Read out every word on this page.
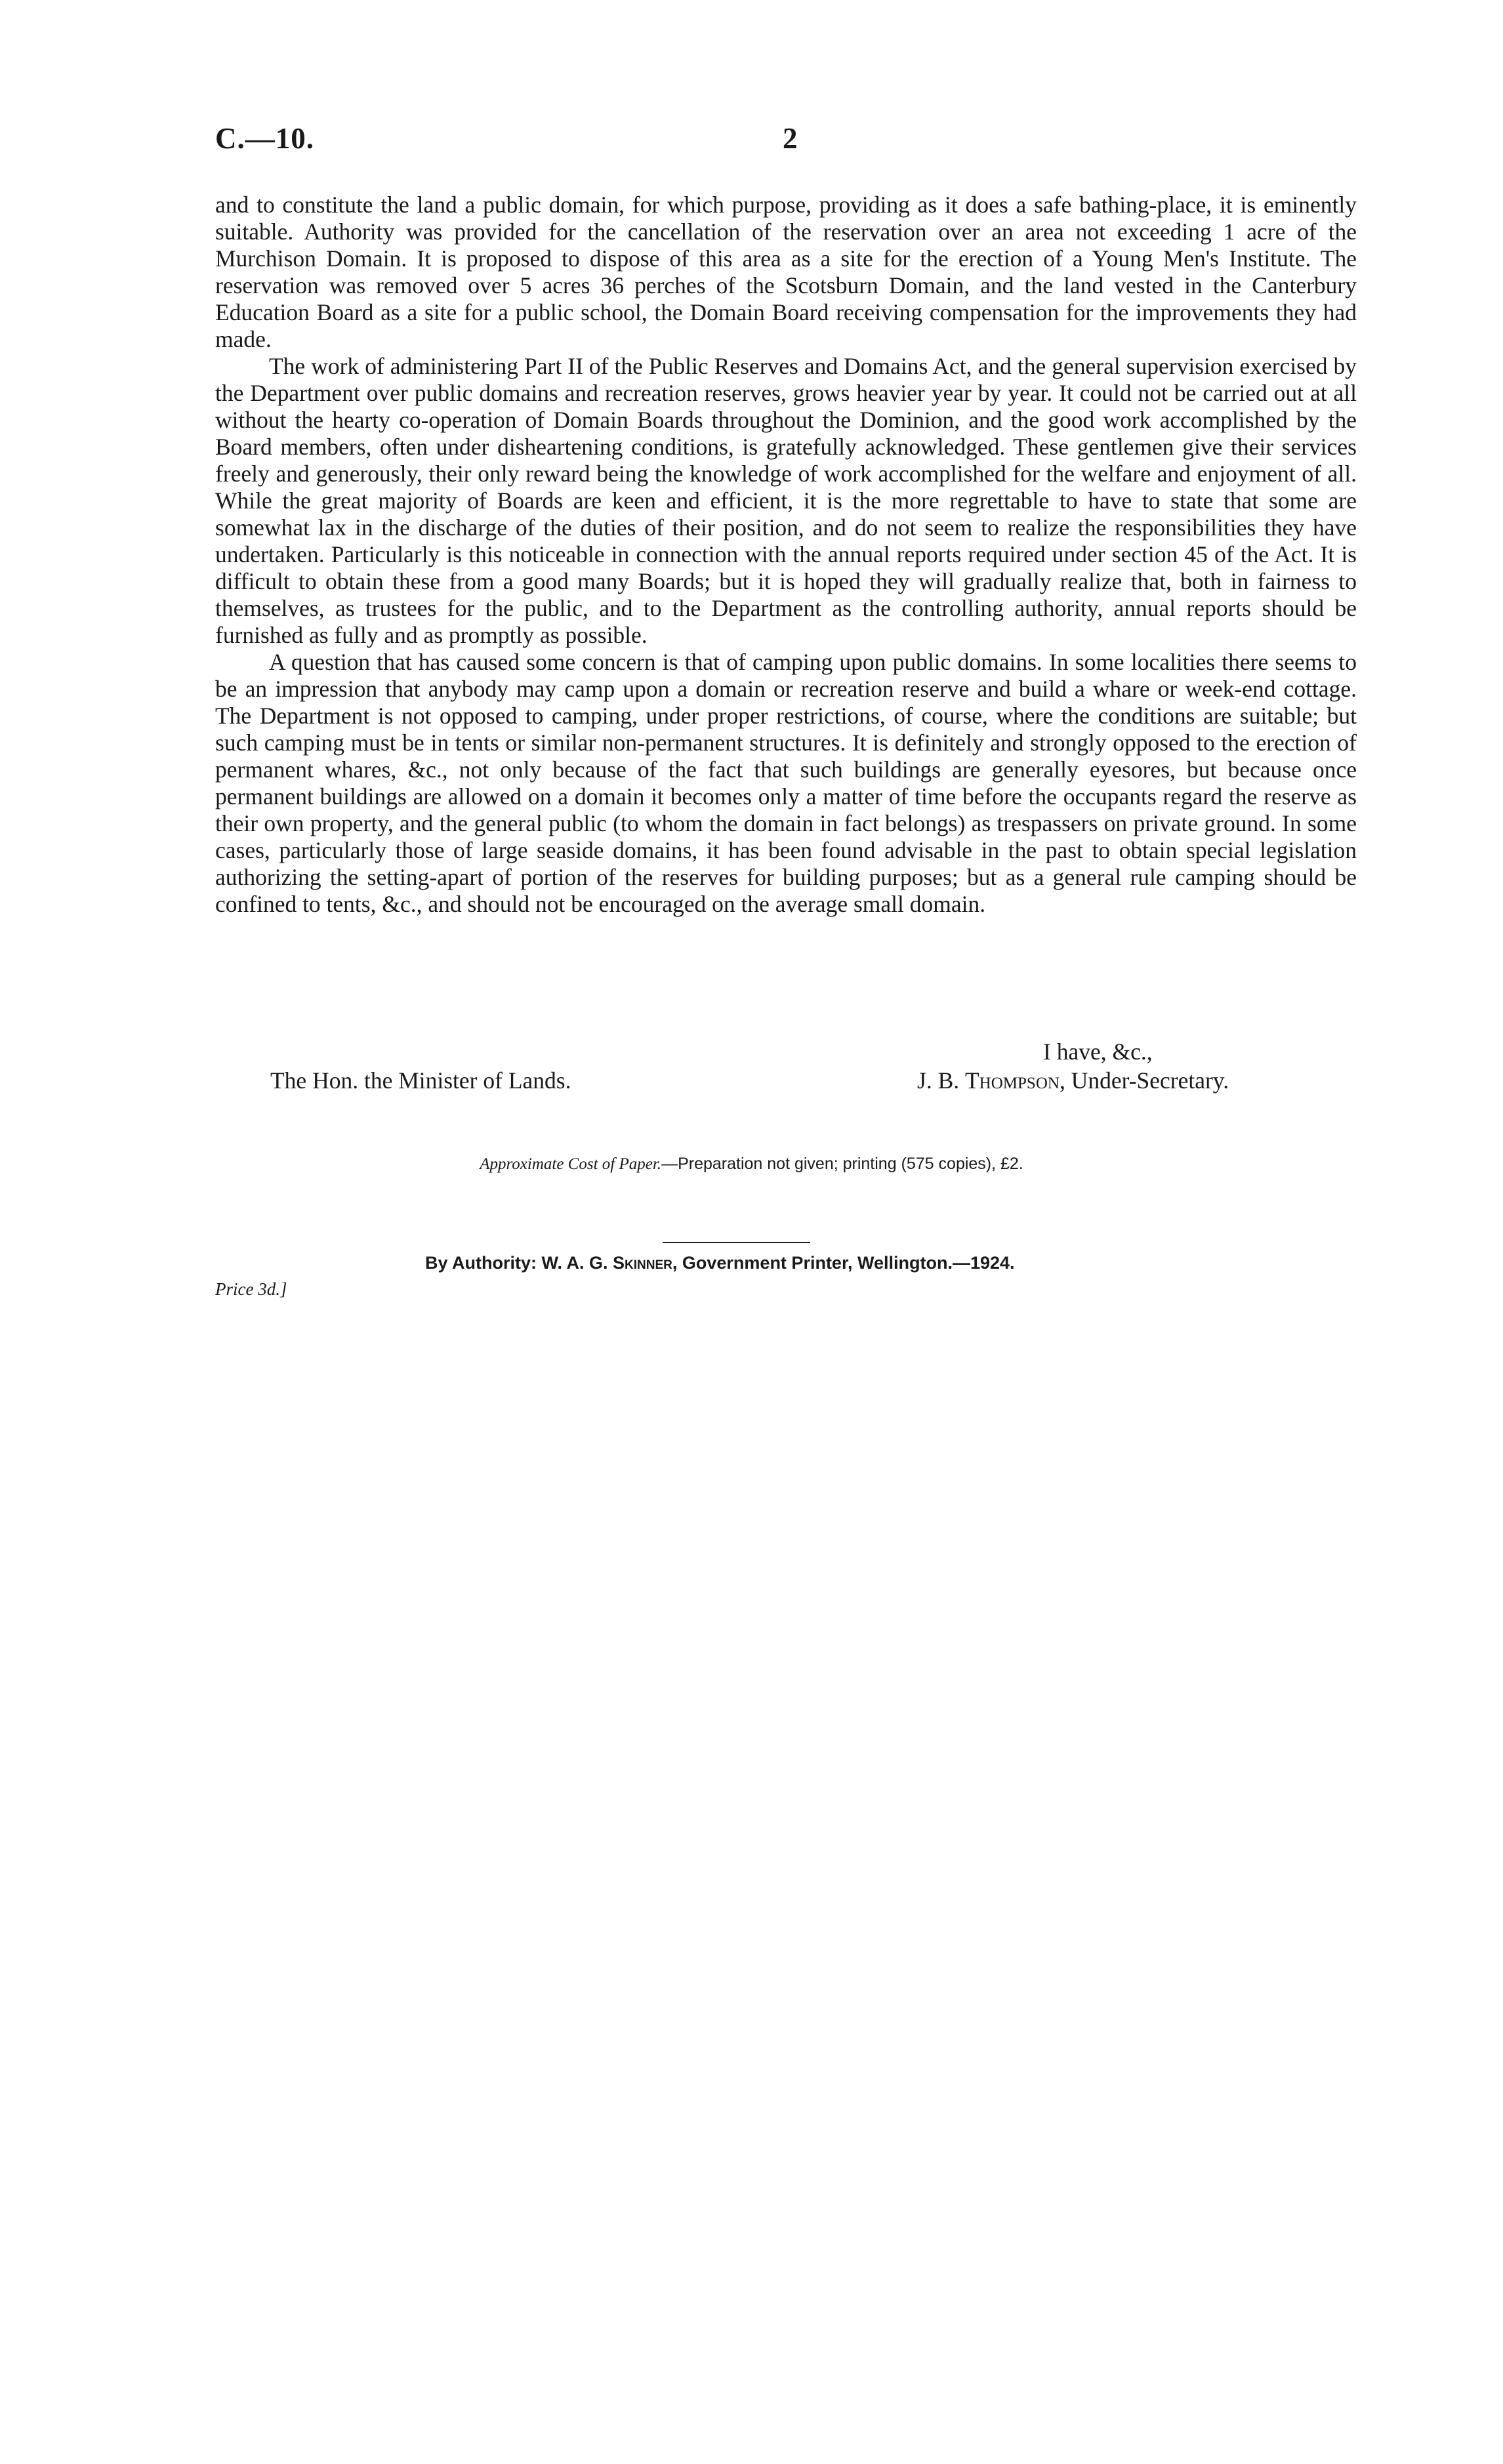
C.—10.	2

and to constitute the land a public domain, for which purpose, providing as it does a safe bathing-place, it is eminently suitable. Authority was provided for the cancellation of the reservation over an area not exceeding 1 acre of the Murchison Domain. It is proposed to dispose of this area as a site for the erection of a Young Men's Institute. The reservation was removed over 5 acres 36 perches of the Scotsburn Domain, and the land vested in the Canterbury Education Board as a site for a public school, the Domain Board receiving compensation for the improvements they had made.

The work of administering Part II of the Public Reserves and Domains Act, and the general supervision exercised by the Department over public domains and recreation reserves, grows heavier year by year. It could not be carried out at all without the hearty co-operation of Domain Boards throughout the Dominion, and the good work accomplished by the Board members, often under disheartening conditions, is gratefully acknowledged. These gentlemen give their services freely and generously, their only reward being the knowledge of work accomplished for the welfare and enjoyment of all. While the great majority of Boards are keen and efficient, it is the more regrettable to have to state that some are somewhat lax in the discharge of the duties of their position, and do not seem to realize the responsibilities they have undertaken. Particularly is this noticeable in connection with the annual reports required under section 45 of the Act. It is difficult to obtain these from a good many Boards; but it is hoped they will gradually realize that, both in fairness to themselves, as trustees for the public, and to the Department as the controlling authority, annual reports should be furnished as fully and as promptly as possible.

A question that has caused some concern is that of camping upon public domains. In some localities there seems to be an impression that anybody may camp upon a domain or recreation reserve and build a whare or week-end cottage. The Department is not opposed to camping, under proper restrictions, of course, where the conditions are suitable; but such camping must be in tents or similar non-permanent structures. It is definitely and strongly opposed to the erection of permanent whares, &c., not only because of the fact that such buildings are generally eyesores, but because once permanent buildings are allowed on a domain it becomes only a matter of time before the occupants regard the reserve as their own property, and the general public (to whom the domain in fact belongs) as trespassers on private ground. In some cases, particularly those of large seaside domains, it has been found advisable in the past to obtain special legislation authorizing the setting-apart of portion of the reserves for building purposes; but as a general rule camping should be confined to tents, &c., and should not be encouraged on the average small domain.

I have, &c.,
The Hon. the Minister of Lands.	J. B. Thompson, Under-Secretary.
Approximate Cost of Paper.—Preparation not given; printing (575 copies), £2.
By Authority: W. A. G. Skinner, Government Printer, Wellington.—1924.
Price 3d.]
